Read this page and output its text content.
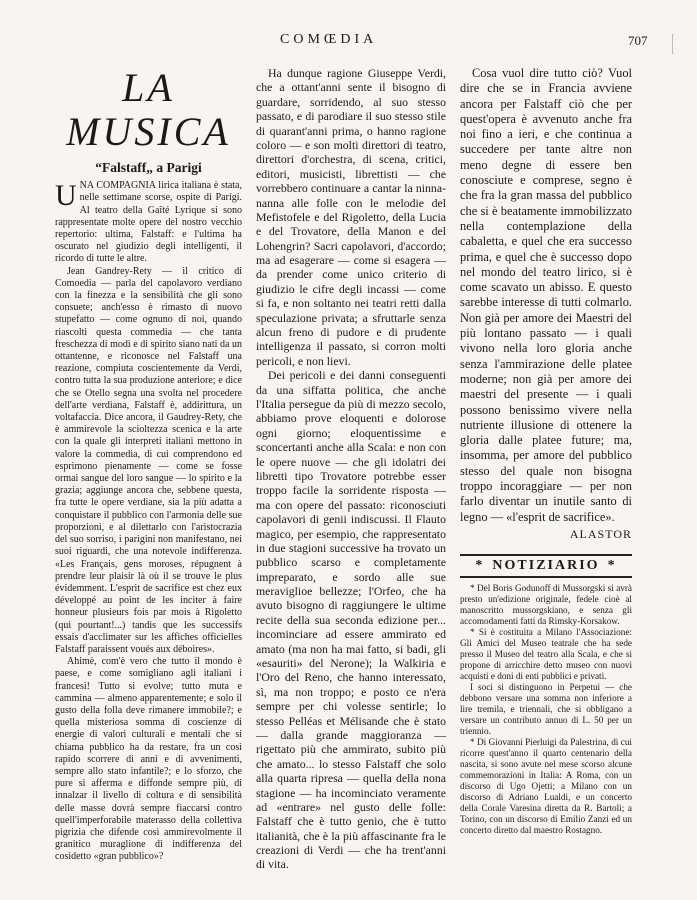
COMŒDIA	707
LA MUSICA
“Falstaff„ a Parigi

UNA COMPAGNIA lirica italiana è stata, nelle settimane scorse, ospite di Parigi. Al teatro della Gaîté Lyrique si sono rappresentate molte opere del nostro vecchio repertorio: ultima, Falstaff: e l'ultima ha oscurato nel giudizio degli intelligenti, il ricordo di tutte le altre.

Jean Gandrey-Rety — il critico di Comoedia — parla del capolavoro verdiano con la finezza e la sensibilità che gli sono consuete; anch'esso è rimasto di nuovo stupefatto — come ognuno di noi, quando riascolti questa commedia — che tanta freschezza di modi e di spirito siano nati da un ottantenne, e riconosce nel Falstaff una reazione, compiuta coscientemente da Verdi, contro tutta la sua produzione anteriore; e dice che se Otello segna una svolta nel procedere dell'arte verdiana, Falstaff è, addirittura, un voltafaccia. Dice ancora, il Gaudrey-Rety, che è ammirevole la scioltezza scenica e la arte con la quale gli interpreti italiani mettono in valore la commedia, di cui comprendono ed esprimono pienamente — come se fosse ormai sangue del loro sangue — lo spirito e la grazia; aggiunge ancora che, sebbene questa, fra tutte le opere verdiane, sia la più adatta a conquistare il pubblico con l'armonia delle sue proporzioni, e al dilettarlo con l'aristocrazia del suo sorriso, i parigini non manifestano, nei suoi riguardi, che una notevole indifferenza. «Les Français, gens moroses, répugnent à prendre leur plaisir là où il se trouve le plus évidemment. L'esprit de sacrifice est chez eux développé au point de les inciter à faire honneur plusieurs fois par mois à Rigoletto (qui pourtant!...) tandis que les successifs essais d'acclimater sur les affiches officielles Falstaff paraissent voués aux déboires».

Ahimè, com'è vero che tutto il mondo è paese, e come somigliano agli italiani i francesi! Tutto si evolve; tutto muta e cammina — almeno apparentemente; e solo il gusto della folla deve rimanere immobile?; e quella misteriosa somma di coscienze di energie di valori culturali e mentali che si chiama pubblico ha da restare, fra un così rapido scorrere di anni e di avvenimenti, sempre allo stato infantile?; e lo sforzo, che pure si afferma e diffonde sempre più, di innalzar il livello di coltura e di sensibilità delle masse dovrà sempre fiaccarsi contro quell'imperforabile materasso della collettiva pigrizia che difende così ammirevolmente il granitico muraglione di indifferenza del cosidetto «gran pubblico»?

Ha dunque ragione Giuseppe Verdi, che a ottant'anni sente il bisogno di guardare, sorridendo, al suo stesso passato, e di parodiare il suo stesso stile di quarant'anni prima, o hanno ragione coloro — e son molti direttori di teatro, direttori d'orchestra, di scena, critici, editori, musicisti, librettisti — che vorrebbero continuare a cantar la ninna-nanna alle folle con le melodie del Mefistofele e del Rigoletto, della Lucia e del Trovatore, della Manon e del Lohengrin? Sacri capolavori, d'accordo; ma ad esagerare — come si esagera — da prender come unico criterio di giudizio le cifre degli incassi — come si fa, e non soltanto nei teatri retti dalla speculazione privata; a sfruttarle senza alcun freno di pudore e di prudente intelligenza il passato, si corron molti pericoli, e non lievi.

Dei pericoli e dei danni conseguenti da una siffatta politica, che anche l'Italia persegue da più di mezzo secolo, abbiamo prove eloquenti e dolorose ogni giorno; eloquentissime e sconcertanti anche alla Scala: e non con le opere nuove — che gli idolatri dei libretti tipo Trovatore potrebbe esser troppo facile la sorridente risposta — ma con opere del passato: riconosciuti capolavori di genii indiscussi. Il Flauto magico, per esempio, che rappresentato in due stagioni successive ha trovato un pubblico scarso e completamente impreparato, e sordo alle sue meraviglioe bellezze; l'Orfeo, che ha avuto bisogno di raggiungere le ultime recite della sua seconda edizione per... incominciare ad essere ammirato ed amato (ma non ha mai fatto, si badi, gli «esauriti» del Nerone); la Walkiria e l'Oro del Reno, che hanno interessato, sì, ma non troppo; e posto ce n'era sempre per chi volesse sentirle; lo stesso Pelléas et Mélisande che è stato — dalla grande maggioranza — rigettato più che ammirato, subito più che amato... lo stesso Falstaff che solo alla quarta ripresa — quella della nona stagione — ha incominciato veramente ad «entrare» nel gusto delle folle: Falstaff che è tutto genio, che è tutto italianità, che è la più affascinante fra le creazioni di Verdi — che ha trent'anni di vita.

Cosa vuol dire tutto ciò? Vuol dire che se in Francia avviene ancora per Falstaff ciò che per quest'opera è avvenuto anche fra noi fino a ieri, e che continua a succedere per tante altre non meno degne di essere ben conosciute e comprese, segno è che fra la gran massa del pubblico che si è beatamente immobilizzato nella contemplazione della cabaletta, e quel che era successo prima, e quel che è successo dopo nel mondo del teatro lirico, si è come scavato un abisso. E questo sarebbe interesse di tutti colmarlo. Non già per amore dei Maestri del più lontano passato — i quali vivono nella loro gloria anche senza l'ammirazione delle platee moderne; non già per amore dei maestri del presente — i quali possono benissimo vivere nella nutriente illusione di ottenere la gloria dalle platee future; ma, insomma, per amore del pubblico stesso del quale non bisogna troppo incoraggiare — per non farlo diventar un inutile santo di legno — «l'esprit de sacrifice».

ALASTOR
* NOTIZIARIO *

* Del Boris Godunoff di Mussorgski si avrà presto un'edizione originale, fedele cioè al manoscritto mussorgskiano, e senza gli accomodamenti fatti da Rimsky-Korsakow.

* Si è costituita a Milano l'Associazione: Gli Amici del Museo teatrale che ha sede presso il Museo del teatro alla Scala, e che si propone di arricchire detto museo con nuovi acquisti e doni di enti pubblici e privati.

I soci si distinguono in Perpetui — che debbono versare una somma non inferiore a lire tremila, e triennali, che si obbligano a versare un contributo annuo di L. 50 per un triennio.

* Di Giovanni Pierluigi da Palestrina, di cui ricorre quest'anno il quarto centenario della nascita, si sono avute nel mese scorso alcune commemorazioni in Italia: A Roma, con un discorso di Ugo Ojetti; a Milano con un discorso di Adriano Lualdi, e un concerto della Corale Varesina diretta da R. Bartoli; a Torino, con un discorso di Emilio Zanzi ed un concerto diretto dal maestro Rostagno.
